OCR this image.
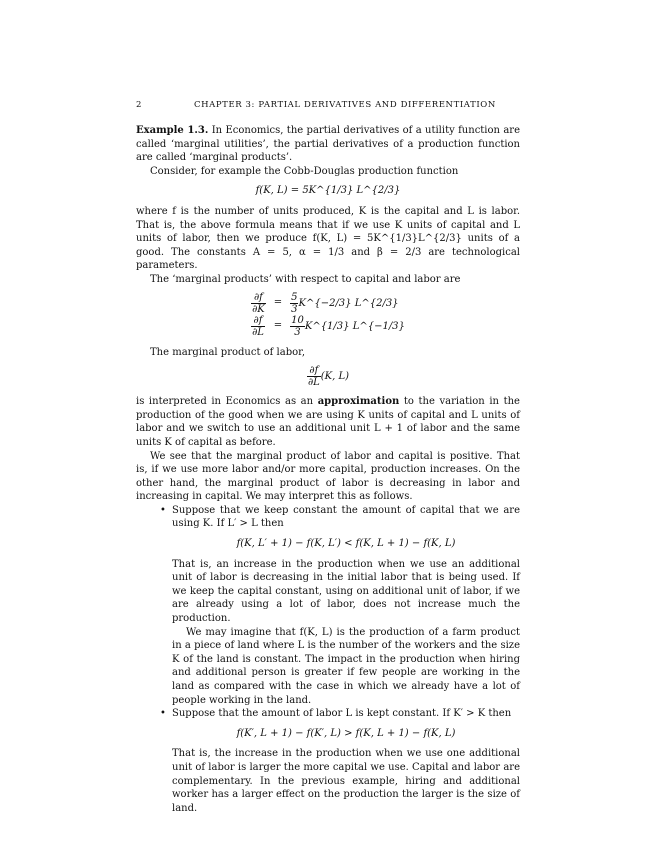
2	CHAPTER 3: PARTIAL DERIVATIVES AND DIFFERENTIATION

Example 1.3. In Economics, the partial derivatives of a utility function are called ‘marginal utilities’, the partial derivatives of a production function are called ‘marginal products’.

Consider, for example the Cobb-Douglas production function

f(K, L) = 5K^{1/3} L^{2/3}

where f is the number of units produced, K is the capital and L is labor. That is, the above formula means that if we use K units of capital and L units of labor, then we produce f(K, L) = 5K^{1/3}L^{2/3} units of a good. The constants A = 5, α = 1/3 and β = 2/3 are technological parameters.

The ‘marginal products’ with respect to capital and labor are

$\frac{\partial f}{\partial K}$	=	$\frac{5}{3}$ K^{−2/3} L^{2/3}

$\frac{\partial f}{\partial L}$	=	$\frac{10}{3}$ K^{1/3} L^{−1/3}

The marginal product of labor,

$\frac{\partial f}{\partial L} (K$, L)

is interpreted in Economics as an approximation to the variation in the production of the good when we are using K units of capital and L units of labor and we switch to use an additional unit L + 1 of labor and the same units K of capital as before.

We see that the marginal product of labor and capital is positive. That is, if we use more labor and/or more capital, production increases. On the other hand, the marginal product of labor is decreasing in labor and increasing in capital. We may interpret this as follows.

• Suppose that we keep constant the amount of capital that we are using K. If L′ > L then

f(K, L′ + 1) − f(K, L′) < f(K, L + 1) − f(K, L)

That is, an increase in the production when we use an additional unit of labor is decreasing in the initial labor that is being used. If we keep the capital constant, using on additional unit of labor, if we are already using a lot of labor, does not increase much the production.

We may imagine that f(K, L) is the production of a farm product in a piece of land where L is the number of the workers and the size K of the land is constant. The impact in the production when hiring and additional person is greater if few people are working in the land as compared with the case in which we already have a lot of people working in the land.

• Suppose that the amount of labor L is kept constant. If K′ > K then

f(K′, L + 1) − f(K′, L) > f(K, L + 1) − f(K, L)

That is, the increase in the production when we use one additional unit of labor is larger the more capital we use. Capital and labor are complementary. In the previous example, hiring and additional worker has a larger effect on the production the larger is the size of land.
